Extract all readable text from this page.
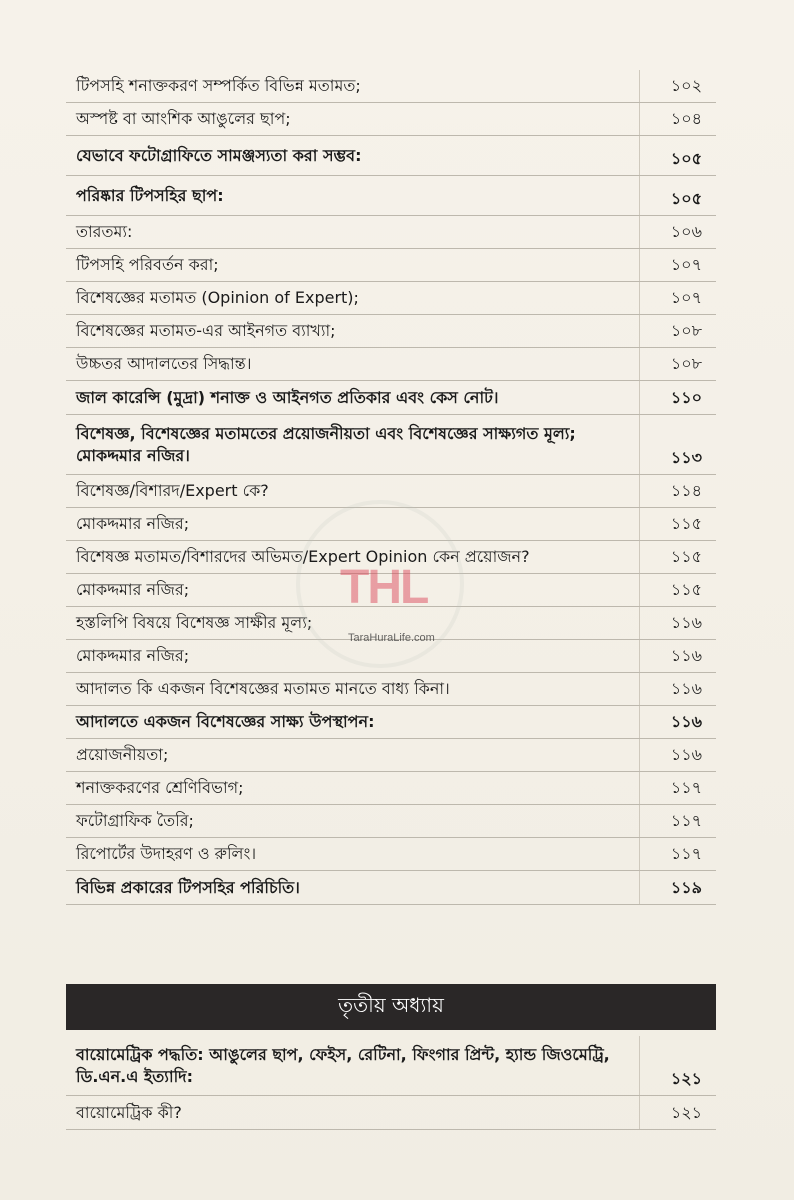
টিপসহি শনাক্তকরণ সম্পর্কিত বিভিন্ন মতামত;	১০২
অস্পষ্ট বা আংশিক আঙুলের ছাপ;	১০৪
যেভাবে ফটোগ্রাফিতে সামঞ্জস্যতা করা সম্ভব:	১০৫
পরিষ্কার টিপসহির ছাপ:	১০৫
তারতম্য:	১০৬
টিপসহি পরিবর্তন করা;	১০৭
বিশেষজ্ঞের মতামত (Opinion of Expert);	১০৭
বিশেষজ্ঞের মতামত-এর আইনগত ব্যাখ্যা;	১০৮
উচ্চতর আদালতের সিদ্ধান্ত।	১০৮
জাল কারেন্সি (মুদ্রা) শনাক্ত ও আইনগত প্রতিকার এবং কেস নোট।	১১০
বিশেষজ্ঞ, বিশেষজ্ঞের মতামতের প্রয়োজনীয়তা এবং বিশেষজ্ঞের সাক্ষ্যগত মূল্য; মোকদ্দমার নজির।	১১৩
বিশেষজ্ঞ/বিশারদ/Expert কে?	১১৪
মোকদ্দমার নজির;	১১৫
বিশেষজ্ঞ মতামত/বিশারদের অভিমত/Expert Opinion কেন প্রয়োজন?	১১৫
মোকদ্দমার নজির;	১১৫
হস্তলিপি বিষয়ে বিশেষজ্ঞ সাক্ষীর মূল্য;	১১৬
মোকদ্দমার নজির;	১১৬
আদালত কি একজন বিশেষজ্ঞের মতামত মানতে বাধ্য কিনা।	১১৬
আদালতে একজন বিশেষজ্ঞের সাক্ষ্য উপস্থাপন:	১১৬
প্রয়োজনীয়তা;	১১৬
শনাক্তকরণের শ্রেণিবিভাগ;	১১৭
ফটোগ্রাফিক তৈরি;	১১৭
রিপোর্টের উদাহরণ ও রুলিং।	১১৭
বিভিন্ন প্রকারের টিপসহির পরিচিতি।	১১৯
তৃতীয় অধ্যায়
বায়োমেট্রিক পদ্ধতি: আঙুলের ছাপ, ফেইস, রেটিনা, ফিংগার প্রিন্ট, হ্যান্ড জিওমেট্রি, ডি.এন.এ ইত্যাদি:	১২১
বায়োমেট্রিক কী?	১২১
THL
TaraHuraLife.com
